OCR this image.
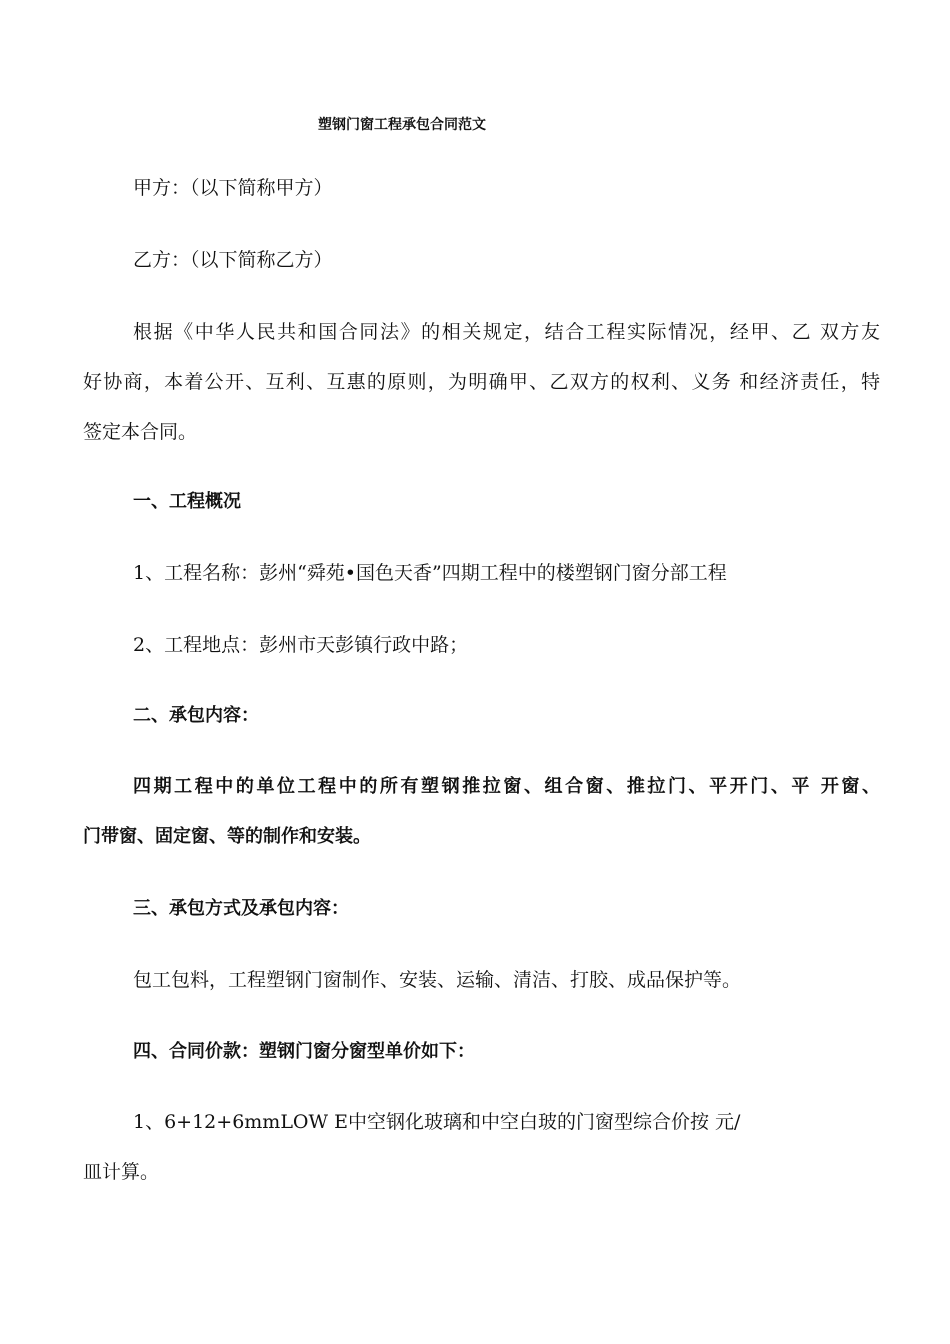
塑钢门窗工程承包合同范文
甲方：（以下简称甲方）
乙方：（以下简称乙方）
根据《中华人民共和国合同法》的相关规定，结合工程实际情况，经甲、乙 双方友
好协商，本着公开、互利、互惠的原则，为明确甲、乙双方的权利、义务 和经济责任，特
签定本合同。
一、工程概况
1、工程名称：彭州“舜苑•国色天香”四期工程中的楼塑钢门窗分部工程
2、工程地点：彭州市天彭镇行政中路；
二、承包内容：
四期工程中的单位工程中的所有塑钢推拉窗、组合窗、推拉门、平开门、平 开窗、
门带窗、固定窗、等的制作和安装。
三、承包方式及承包内容：
包工包料，工程塑钢门窗制作、安装、运输、清洁、打胶、成品保护等。
四、合同价款：塑钢门窗分窗型单价如下：
1、6+12+6mmLOW E中空钢化玻璃和中空白玻的门窗型综合价按 元/
皿计算。
